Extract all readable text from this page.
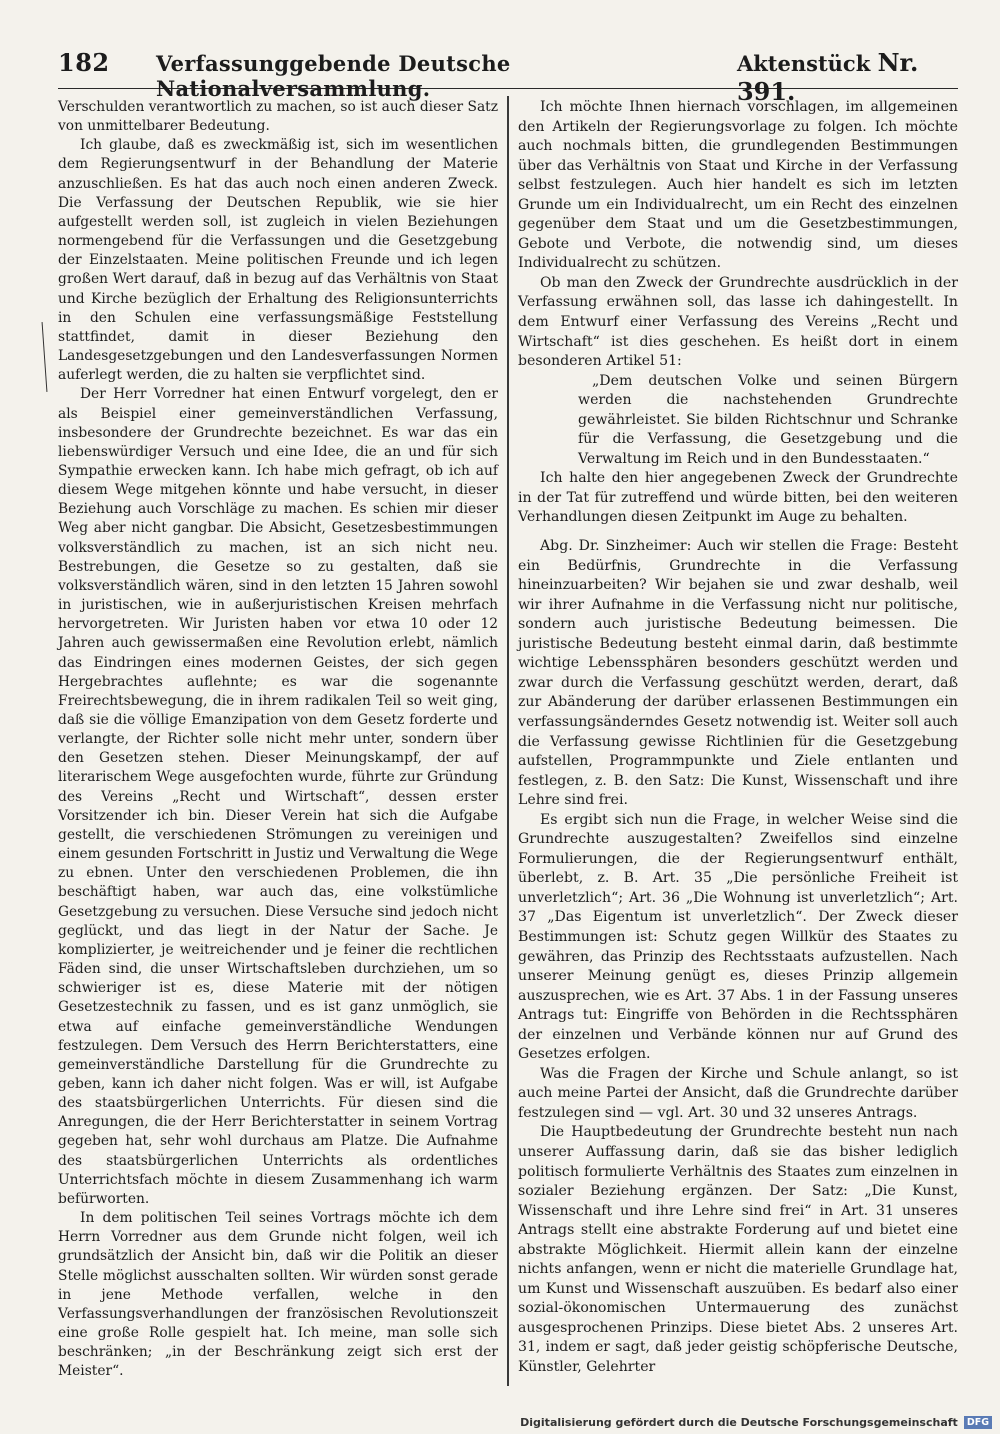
182	Verfassunggebende Deutsche Nationalversammlung.
Aktenstück Nr. 391.

Verschulden verantwortlich zu machen, so ist auch dieser Satz von unmittelbarer Bedeutung.

Ich glaube, daß es zweckmäßig ist, sich im wesentlichen dem Regierungsentwurf in der Behandlung der Materie anzuschließen. Es hat das auch noch einen anderen Zweck. Die Verfassung der Deutschen Republik, wie sie hier aufgestellt werden soll, ist zugleich in vielen Beziehungen normengebend für die Verfassungen und die Gesetzgebung der Einzelstaaten. Meine politischen Freunde und ich legen großen Wert darauf, daß in bezug auf das Verhältnis von Staat und Kirche bezüglich der Erhaltung des Religionsunterrichts in den Schulen eine verfassungsmäßige Feststellung stattfindet, damit in dieser Beziehung den Landesgesetzgebungen und den Landesverfassungen Normen auferlegt werden, die zu halten sie verpflichtet sind.

Der Herr Vorredner hat einen Entwurf vorgelegt, den er als Beispiel einer gemeinverständlichen Verfassung, insbesondere der Grundrechte bezeichnet. Es war das ein liebenswürdiger Versuch und eine Idee, die an und für sich Sympathie erwecken kann. Ich habe mich gefragt, ob ich auf diesem Wege mitgehen könnte und habe versucht, in dieser Beziehung auch Vorschläge zu machen. Es schien mir dieser Weg aber nicht gangbar. Die Absicht, Gesetzesbestimmungen volksverständlich zu machen, ist an sich nicht neu. Bestrebungen, die Gesetze so zu gestalten, daß sie volksverständlich wären, sind in den letzten 15 Jahren sowohl in juristischen, wie in außerjuristischen Kreisen mehrfach hervorgetreten. Wir Juristen haben vor etwa 10 oder 12 Jahren auch gewissermaßen eine Revolution erlebt, nämlich das Eindringen eines modernen Geistes, der sich gegen Hergebrachtes auflehnte; es war die sogenannte Freirechtsbewegung, die in ihrem radikalen Teil so weit ging, daß sie die völlige Emanzipation von dem Gesetz forderte und verlangte, der Richter solle nicht mehr unter, sondern über den Gesetzen stehen. Dieser Meinungskampf, der auf literarischem Wege ausgefochten wurde, führte zur Gründung des Vereins „Recht und Wirtschaft“, dessen erster Vorsitzender ich bin. Dieser Verein hat sich die Aufgabe gestellt, die verschiedenen Strömungen zu vereinigen und einem gesunden Fortschritt in Justiz und Verwaltung die Wege zu ebnen. Unter den verschiedenen Problemen, die ihn beschäftigt haben, war auch das, eine volkstümliche Gesetzgebung zu versuchen. Diese Versuche sind jedoch nicht geglückt, und das liegt in der Natur der Sache. Je komplizierter, je weitreichender und je feiner die rechtlichen Fäden sind, die unser Wirtschaftsleben durchziehen, um so schwieriger ist es, diese Materie mit der nötigen Gesetzestechnik zu fassen, und es ist ganz unmöglich, sie etwa auf einfache gemeinverständliche Wendungen festzulegen. Dem Versuch des Herrn Berichterstatters, eine gemeinverständliche Darstellung für die Grundrechte zu geben, kann ich daher nicht folgen. Was er will, ist Aufgabe des staatsbürgerlichen Unterrichts. Für diesen sind die Anregungen, die der Herr Berichterstatter in seinem Vortrag gegeben hat, sehr wohl durchaus am Platze. Die Aufnahme des staatsbürgerlichen Unterrichts als ordentliches Unterrichtsfach möchte in diesem Zusammenhang ich warm befürworten.

In dem politischen Teil seines Vortrags möchte ich dem Herrn Vorredner aus dem Grunde nicht folgen, weil ich grundsätzlich der Ansicht bin, daß wir die Politik an dieser Stelle möglichst ausschalten sollten. Wir würden sonst gerade in jene Methode verfallen, welche in den Verfassungsverhandlungen der französischen Revolutionszeit eine große Rolle gespielt hat. Ich meine, man solle sich beschränken; „in der Beschränkung zeigt sich erst der Meister“.

Ich möchte Ihnen hiernach vorschlagen, im allgemeinen den Artikeln der Regierungsvorlage zu folgen. Ich möchte auch nochmals bitten, die grundlegenden Bestimmungen über das Verhältnis von Staat und Kirche in der Verfassung selbst festzulegen. Auch hier handelt es sich im letzten Grunde um ein Individualrecht, um ein Recht des einzelnen gegenüber dem Staat und um die Gesetzbestimmungen, Gebote und Verbote, die notwendig sind, um dieses Individualrecht zu schützen.

Ob man den Zweck der Grundrechte ausdrücklich in der Verfassung erwähnen soll, das lasse ich dahingestellt. In dem Entwurf einer Verfassung des Vereins „Recht und Wirtschaft“ ist dies geschehen. Es heißt dort in einem besonderen Artikel 51:

„Dem deutschen Volke und seinen Bürgern werden die nachstehenden Grundrechte gewährleistet. Sie bilden Richtschnur und Schranke für die Verfassung, die Gesetzgebung und die Verwaltung im Reich und in den Bundesstaaten.“

Ich halte den hier angegebenen Zweck der Grundrechte in der Tat für zutreffend und würde bitten, bei den weiteren Verhandlungen diesen Zeitpunkt im Auge zu behalten.

Abg. Dr. Sinzheimer: Auch wir stellen die Frage: Besteht ein Bedürfnis, Grundrechte in die Verfassung hineinzuarbeiten? Wir bejahen sie und zwar deshalb, weil wir ihrer Aufnahme in die Verfassung nicht nur politische, sondern auch juristische Bedeutung beimessen. Die juristische Bedeutung besteht einmal darin, daß bestimmte wichtige Lebenssphären besonders geschützt werden und zwar durch die Verfassung geschützt werden, derart, daß zur Abänderung der darüber erlassenen Bestimmungen ein verfassungsänderndes Gesetz notwendig ist. Weiter soll auch die Verfassung gewisse Richtlinien für die Gesetzgebung aufstellen, Programmpunkte und Ziele entlanten und festlegen, z. B. den Satz: Die Kunst, Wissenschaft und ihre Lehre sind frei.

Es ergibt sich nun die Frage, in welcher Weise sind die Grundrechte auszugestalten? Zweifellos sind einzelne Formulierungen, die der Regierungsentwurf enthält, überlebt, z. B. Art. 35 „Die persönliche Freiheit ist unverletzlich“; Art. 36 „Die Wohnung ist unverletzlich“; Art. 37 „Das Eigentum ist unverletzlich“. Der Zweck dieser Bestimmungen ist: Schutz gegen Willkür des Staates zu gewähren, das Prinzip des Rechtsstaats aufzustellen. Nach unserer Meinung genügt es, dieses Prinzip allgemein auszusprechen, wie es Art. 37 Abs. 1 in der Fassung unseres Antrags tut: Eingriffe von Behörden in die Rechtssphären der einzelnen und Verbände können nur auf Grund des Gesetzes erfolgen.

Was die Fragen der Kirche und Schule anlangt, so ist auch meine Partei der Ansicht, daß die Grundrechte darüber festzulegen sind — vgl. Art. 30 und 32 unseres Antrags.

Die Hauptbedeutung der Grundrechte besteht nun nach unserer Auffassung darin, daß sie das bisher lediglich politisch formulierte Verhältnis des Staates zum einzelnen in sozialer Beziehung ergänzen. Der Satz: „Die Kunst, Wissenschaft und ihre Lehre sind frei“ in Art. 31 unseres Antrags stellt eine abstrakte Forderung auf und bietet eine abstrakte Möglichkeit. Hiermit allein kann der einzelne nichts anfangen, wenn er nicht die materielle Grundlage hat, um Kunst und Wissenschaft auszuüben. Es bedarf also einer sozial-ökonomischen Untermauerung des zunächst ausgesprochenen Prinzips. Diese bietet Abs. 2 unseres Art. 31, indem er sagt, daß jeder geistig schöpferische Deutsche, Künstler, Gelehrter

Digitalisierung gefördert durch die Deutsche Forschungsgemeinschaft DFG
